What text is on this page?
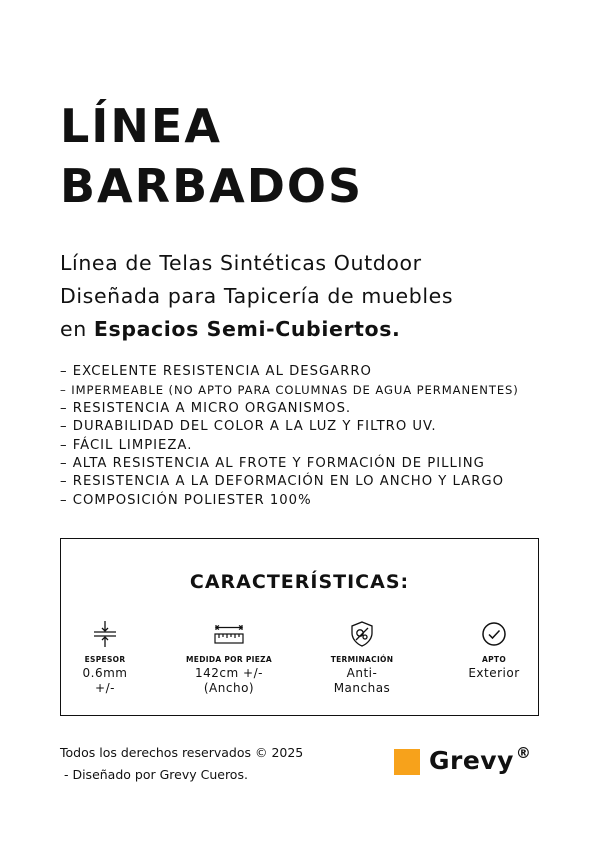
LÍNEA
BARBADOS
Línea de Telas Sintéticas Outdoor
Diseñada para Tapicería de muebles
en Espacios Semi-Cubiertos.
– EXCELENTE RESISTENCIA AL DESGARRO
– IMPERMEABLE (NO APTO PARA COLUMNAS DE AGUA PERMANENTES)
– RESISTENCIA A MICRO ORGANISMOS.
– DURABILIDAD DEL COLOR A LA LUZ Y FILTRO UV.
– FÁCIL LIMPIEZA.
– ALTA RESISTENCIA AL FROTE Y FORMACIÓN DE PILLING
– RESISTENCIA A LA DEFORMACIÓN EN LO ANCHO Y LARGO
– COMPOSICIÓN POLIESTER 100%
CARACTERÍSTICAS:
ESPESOR
0.6mm
+/-
MEDIDA POR PIEZA
142cm +/-
(Ancho)
TERMINACIÓN
Anti-
Manchas
APTO
Exterior
Todos los derechos reservados © 2025
- Diseñado por Grevy Cueros.	Grevy ®
